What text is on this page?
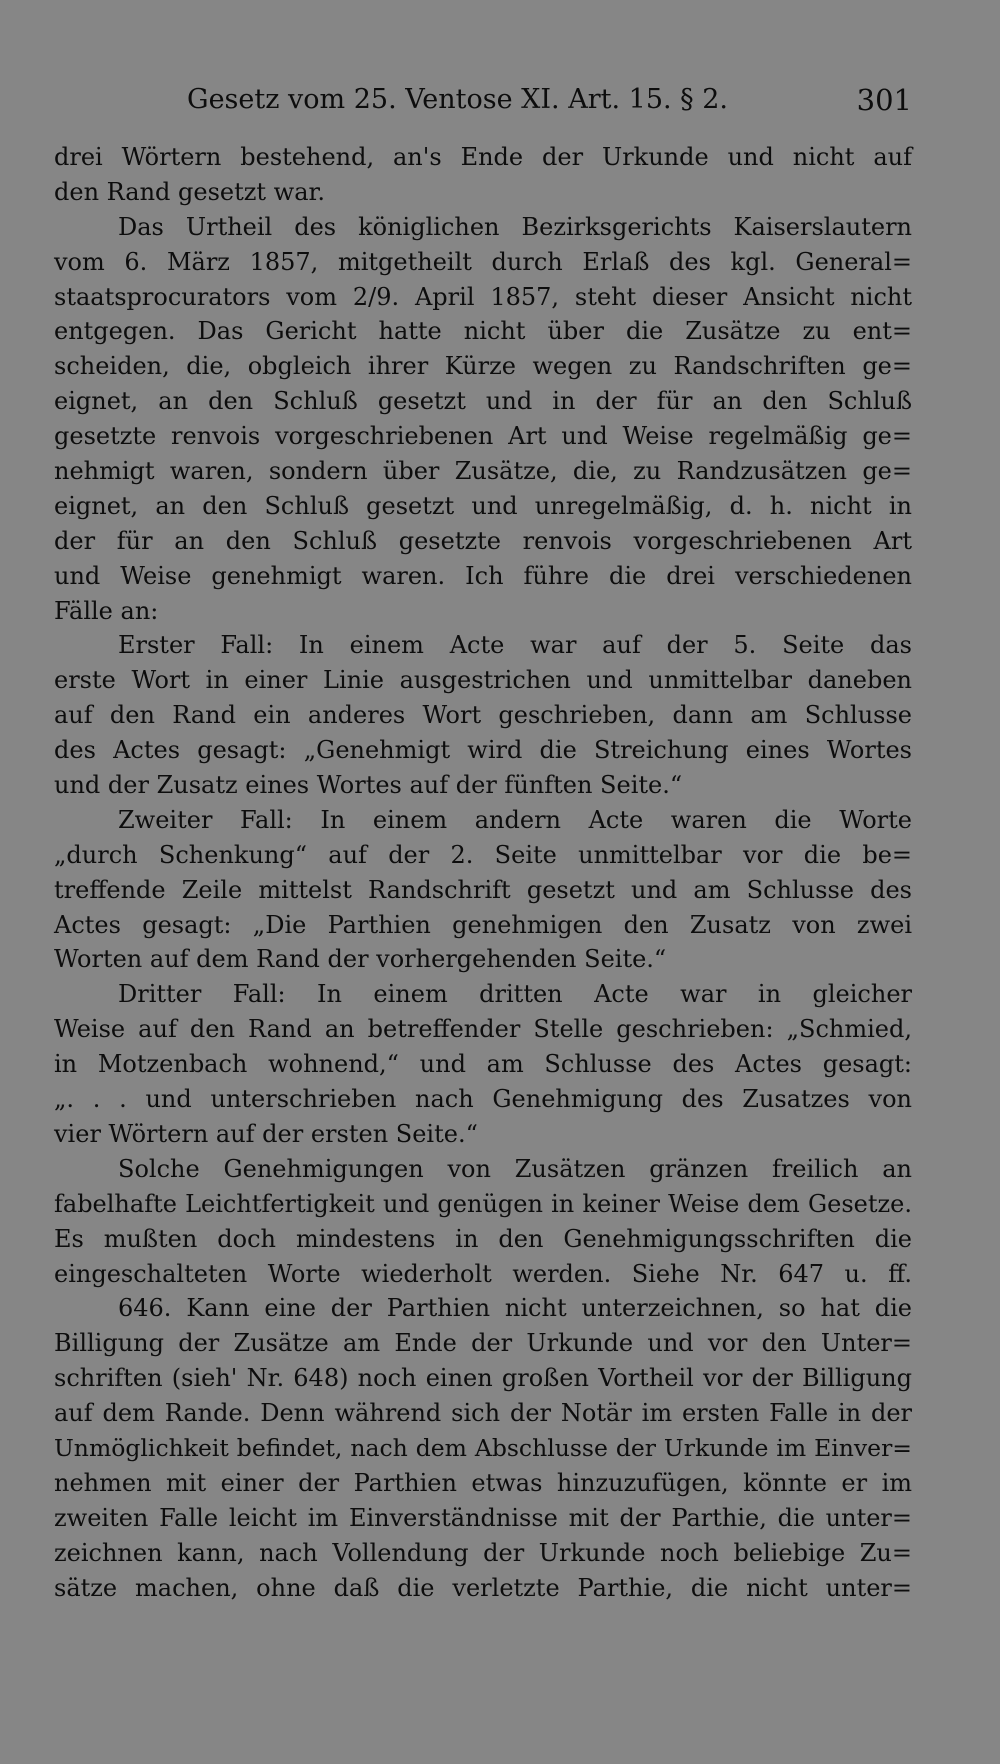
Gesetz vom 25. Ventose XI. Art. 15. § 2.	301
drei Wörtern bestehend, an's Ende der Urkunde und nicht auf
den Rand gesetzt war.
Das Urtheil des königlichen Bezirksgerichts Kaiserslautern
vom 6. März 1857, mitgetheilt durch Erlaß des kgl. General=
staatsprocurators vom 2/9. April 1857, steht dieser Ansicht nicht
entgegen. Das Gericht hatte nicht über die Zusätze zu ent=
scheiden, die, obgleich ihrer Kürze wegen zu Randschriften ge=
eignet, an den Schluß gesetzt und in der für an den Schluß
gesetzte renvois vorgeschriebenen Art und Weise regelmäßig ge=
nehmigt waren, sondern über Zusätze, die, zu Randzusätzen ge=
eignet, an den Schluß gesetzt und unregelmäßig, d. h. nicht in
der für an den Schluß gesetzte renvois vorgeschriebenen Art
und Weise genehmigt waren. Ich führe die drei verschiedenen
Fälle an:
Erster Fall: In einem Acte war auf der 5. Seite das
erste Wort in einer Linie ausgestrichen und unmittelbar daneben
auf den Rand ein anderes Wort geschrieben, dann am Schlusse
des Actes gesagt: „Genehmigt wird die Streichung eines Wortes
und der Zusatz eines Wortes auf der fünften Seite.“
Zweiter Fall: In einem andern Acte waren die Worte
„durch Schenkung“ auf der 2. Seite unmittelbar vor die be=
treffende Zeile mittelst Randschrift gesetzt und am Schlusse des
Actes gesagt: „Die Parthien genehmigen den Zusatz von zwei
Worten auf dem Rand der vorhergehenden Seite.“
Dritter Fall: In einem dritten Acte war in gleicher
Weise auf den Rand an betreffender Stelle geschrieben: „Schmied,
in Motzenbach wohnend,“ und am Schlusse des Actes gesagt:
„. . . und unterschrieben nach Genehmigung des Zusatzes von
vier Wörtern auf der ersten Seite.“
Solche Genehmigungen von Zusätzen gränzen freilich an
fabelhafte Leichtfertigkeit und genügen in keiner Weise dem Gesetze.
Es mußten doch mindestens in den Genehmigungsschriften die
eingeschalteten Worte wiederholt werden. Siehe Nr. 647 u. ff.
646. Kann eine der Parthien nicht unterzeichnen, so hat die
Billigung der Zusätze am Ende der Urkunde und vor den Unter=
schriften (sieh' Nr. 648) noch einen großen Vortheil vor der Billigung
auf dem Rande. Denn während sich der Notär im ersten Falle in der
Unmöglichkeit befindet, nach dem Abschlusse der Urkunde im Einver=
nehmen mit einer der Parthien etwas hinzuzufügen, könnte er im
zweiten Falle leicht im Einverständnisse mit der Parthie, die unter=
zeichnen kann, nach Vollendung der Urkunde noch beliebige Zu=
sätze machen, ohne daß die verletzte Parthie, die nicht unter=
